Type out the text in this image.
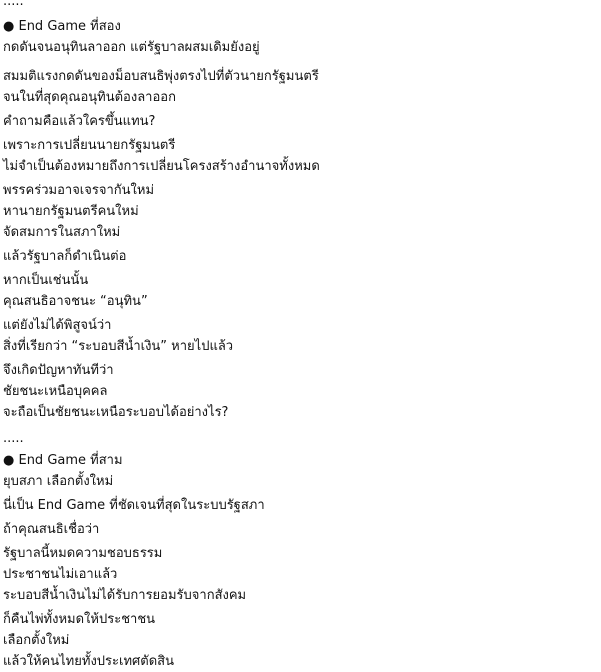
.....

● End Game ที่สอง
กดดันจนอนุทินลาออก แต่รัฐบาลผสมเดิมยังอยู่

สมมติแรงกดดันของม็อบสนธิพุ่งตรงไปที่ตัวนายกรัฐมนตรี
จนในที่สุดคุณอนุทินต้องลาออก

คำถามคือแล้วใครขึ้นแทน?

เพราะการเปลี่ยนนายกรัฐมนตรี
ไม่จำเป็นต้องหมายถึงการเปลี่ยนโครงสร้างอำนาจทั้งหมด

พรรคร่วมอาจเจรจากันใหม่
หานายกรัฐมนตรีคนใหม่
จัดสมการในสภาใหม่

แล้วรัฐบาลก็ดำเนินต่อ

หากเป็นเช่นนั้น
คุณสนธิอาจชนะ “อนุทิน”

แต่ยังไม่ได้พิสูจน์ว่า
สิ่งที่เรียกว่า “ระบอบสีน้ำเงิน” หายไปแล้ว

จึงเกิดปัญหาทันทีว่า
ชัยชนะเหนือบุคคล
จะถือเป็นชัยชนะเหนือระบอบได้อย่างไร?

.....

● End Game ที่สาม
ยุบสภา เลือกตั้งใหม่

นี่เป็น End Game ที่ชัดเจนที่สุดในระบบรัฐสภา

ถ้าคุณสนธิเชื่อว่า

รัฐบาลนี้หมดความชอบธรรม
ประชาชนไม่เอาแล้ว
ระบอบสีน้ำเงินไม่ได้รับการยอมรับจากสังคม

ก็คืนไพ่ทั้งหมดให้ประชาชน
เลือกตั้งใหม่
แล้วให้คนไทยทั้งประเทศตัดสิน
